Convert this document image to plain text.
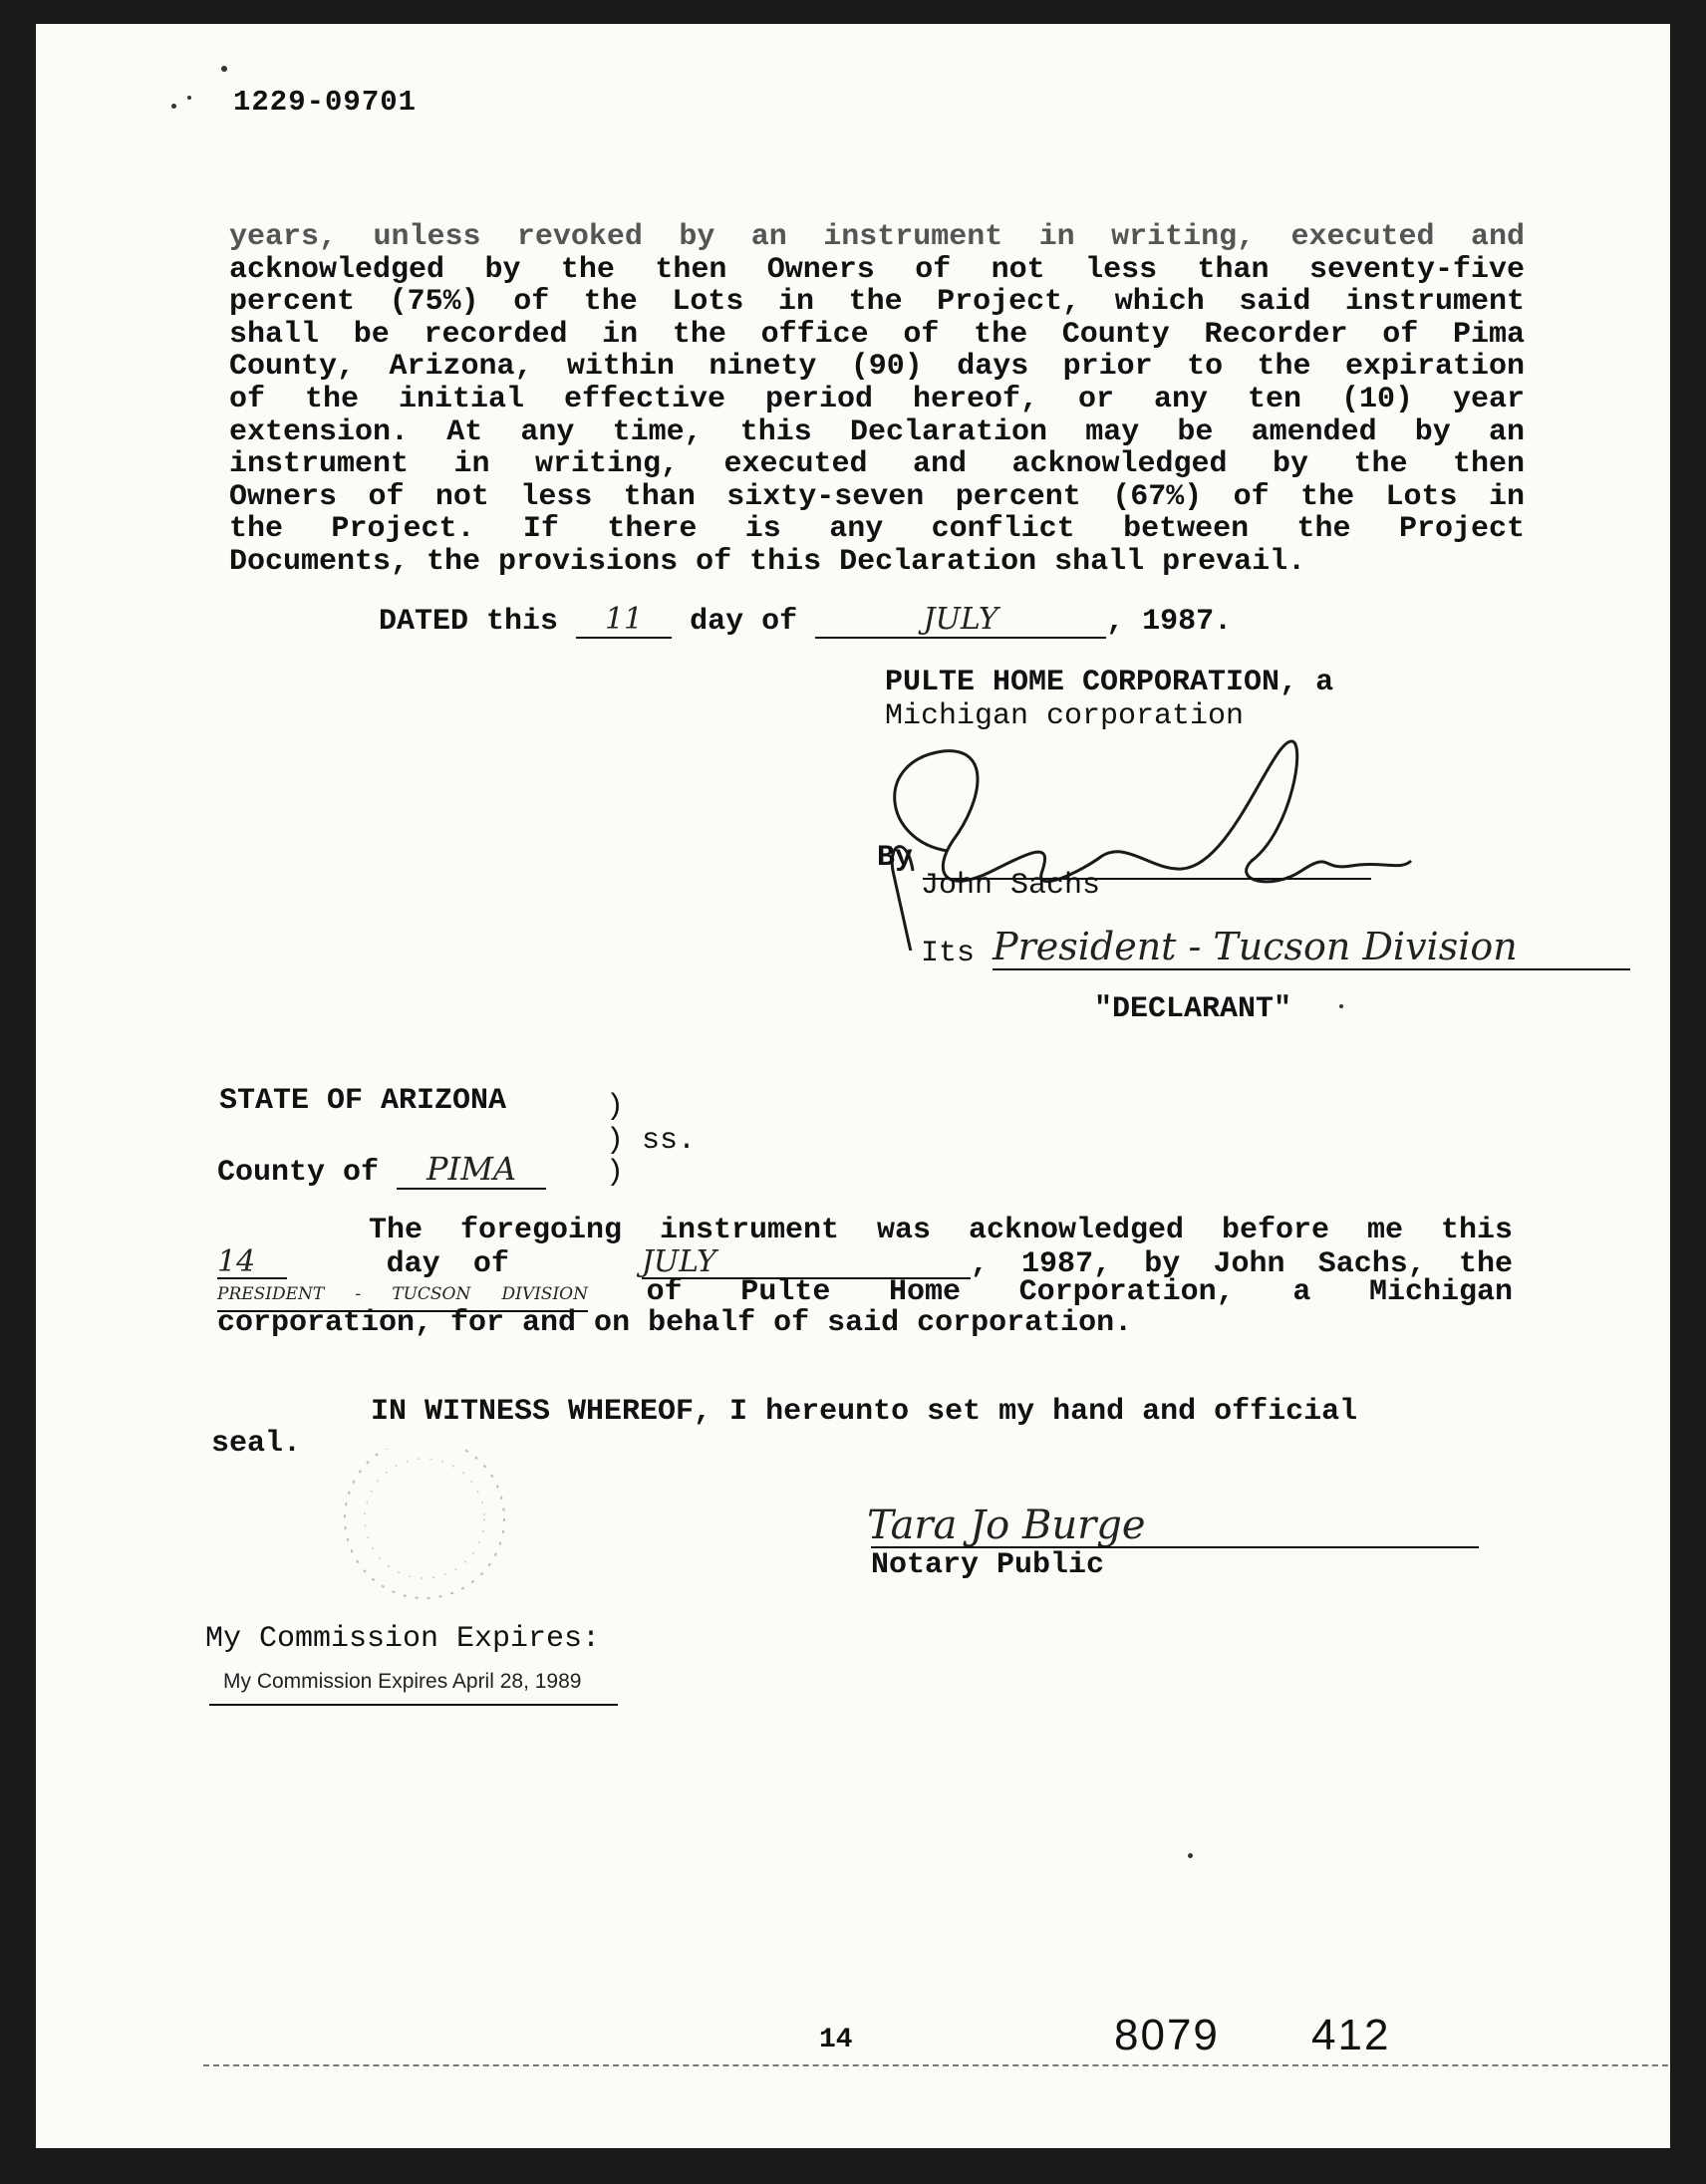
1229-09701
years, unless revoked by an instrument in writing, executed and
acknowledged by the then Owners of not less than seventy-five
percent (75%) of the Lots in the Project, which said instrument
shall be recorded in the office of the County Recorder of Pima
County, Arizona, within ninety (90) days prior to the expiration
of the initial effective period hereof, or any ten (10) year
extension. At any time, this Declaration may be amended by an
instrument in writing, executed and acknowledged by the then
Owners of not less than sixty-seven percent (67%) of the Lots in
the Project. If there is any conflict between the Project
Documents, the provisions of this Declaration shall prevail.
DATED this 11 day of	JULY	, 1987.
PULTE HOME CORPORATION, a
Michigan corporation
By
John Sachs
Its President - Tucson Division
"DECLARANT"
STATE OF ARIZONA	)
) ss.
County of PIMA	)
The foregoing instrument was acknowledged before me this
14	day of	JULY	, 1987, by John Sachs, the
PRESIDENT - TUCSON DIVISION of Pulte Home Corporation, a Michigan
corporation, for and on behalf of said corporation.
IN WITNESS WHEREOF, I hereunto set my hand and official
seal.
Tara Jo Burge
Notary Public
My Commission Expires:
My Commission Expires April 28, 1989
14	8079 412
